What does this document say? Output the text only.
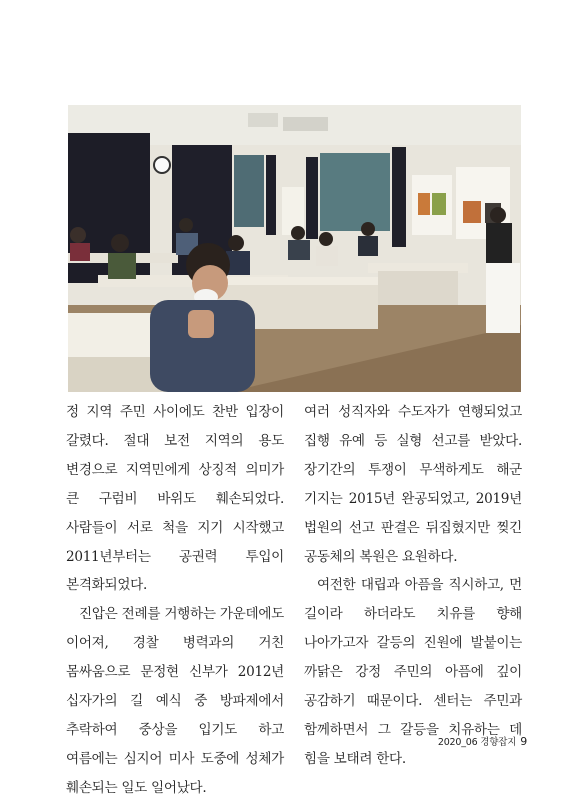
정 지역 주민 사이에도 찬반 입장이 갈렸다. 절대 보전 지역의 용도 변경으로 지역민에게 상징적 의미가 큰 구럼비 바위도 훼손되었다. 사람들이 서로 척을 지기 시작했고 2011년부터는 공권력 투입이 본격화되었다.

진압은 전례를 거행하는 가운데에도 이어져, 경찰 병력과의 거친 몸싸움으로 문정현 신부가 2012년 십자가의 길 예식 중 방파제에서 추락하여 중상을 입기도 하고 여름에는 심지어 미사 도중에 성체가 훼손되는 일도 일어났다.

여러 성직자와 수도자가 연행되었고 집행 유예 등 실형 선고를 받았다. 장기간의 투쟁이 무색하게도 해군 기지는 2015년 완공되었고, 2019년 법원의 선고 판결은 뒤집혔지만 찢긴 공동체의 복원은 요원하다.

여전한 대립과 아픔을 직시하고, 먼 길이라 하더라도 치유를 향해 나아가고자 갈등의 진원에 발붙이는 까닭은 강정 주민의 아픔에 깊이 공감하기 때문이다. 센터는 주민과 함께하면서 그 갈등을 치유하는 데 힘을 보태려 한다.

2020_06 경향잡지 9
